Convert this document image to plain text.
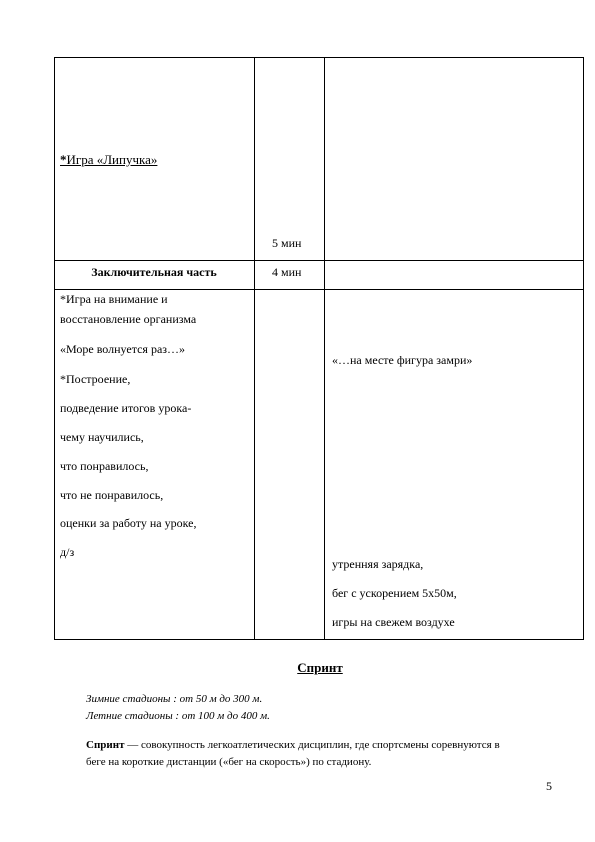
*Игра «Липучка»
5 мин
Заключительная часть	4 мин
*Игра на внимание и
восстановление организма
«Море волнуется раз…»
*Построение,
подведение итогов урока-
чему научились,
что понравилось,
что не понравилось,
оценки за работу на уроке,
д/з
«…на месте фигура замри»
утренняя зарядка,
бег с ускорением 5х50м,
игры на свежем воздухе
Спринт
Зимние стадионы : от 50 м до 300 м.
Летние стадионы : от 100 м до 400 м.
Спринт — совокупность легкоатлетических дисциплин, где спортсмены соревнуются в
беге на короткие дистанции («бег на скорость») по стадиону.
5
